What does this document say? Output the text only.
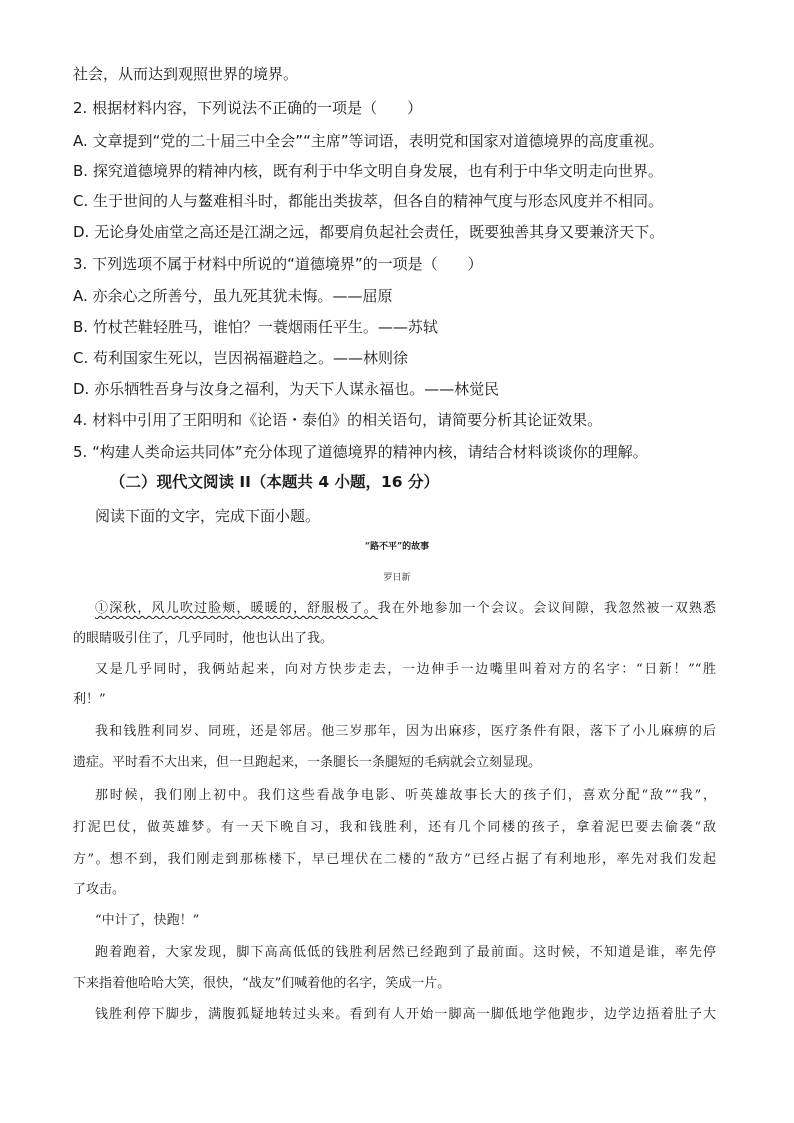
社会，从而达到观照世界的境界。
2. 根据材料内容，下列说法不正确的一项是（　　）
A. 文章提到“党的二十届三中全会”“主席”等词语，表明党和国家对道德境界的高度重视。
B. 探究道德境界的精神内核，既有利于中华文明自身发展，也有利于中华文明走向世界。
C. 生于世间的人与鳌难相斗时，都能出类拔萃，但各自的精神气度与形态风度并不相同。
D. 无论身处庙堂之高还是江湖之远，都要肩负起社会责任，既要独善其身又要兼济天下。
3. 下列选项不属于材料中所说的“道德境界”的一项是（　　）
A. 亦余心之所善兮，虽九死其犹未悔。——屈原
B. 竹杖芒鞋轻胜马，谁怕？一蓑烟雨任平生。——苏轼
C. 苟利国家生死以，岂因祸福避趋之。——林则徐
D. 亦乐牺牲吾身与汝身之福利，为天下人谋永福也。——林觉民
4. 材料中引用了王阳明和《论语・泰伯》的相关语句，请简要分析其论证效果。
5. “构建人类命运共同体”充分体现了道德境界的精神内核，请结合材料谈谈你的理解。
（二）现代文阅读 II（本题共 4 小题，16 分）
阅读下面的文字，完成下面小题。
“路不平”的故事
罗日新
①深秋，风儿吹过脸颊，暖暖的，舒服极了。我在外地参加一个会议。会议间隙，我忽然被一双熟悉
的眼睛吸引住了，几乎同时，他也认出了我。
又是几乎同时，我俩站起来，向对方快步走去，一边伸手一边嘴里叫着对方的名字：“日新！”“胜
利！”
我和钱胜利同岁、同班，还是邻居。他三岁那年，因为出麻疹，医疗条件有限，落下了小儿麻痹的后
遗症。平时看不大出来，但一旦跑起来，一条腿长一条腿短的毛病就会立刻显现。
那时候，我们刚上初中。我们这些看战争电影、听英雄故事长大的孩子们，喜欢分配“敌”“我”，
打泥巴仗，做英雄梦。有一天下晚自习，我和钱胜利，还有几个同楼的孩子，拿着泥巴要去偷袭“敌
方”。想不到，我们刚走到那栋楼下，早已埋伏在二楼的“敌方”已经占据了有利地形，率先对我们发起
了攻击。
“中计了，快跑！”
跑着跑着，大家发现，脚下高高低低的钱胜利居然已经跑到了最前面。这时候，不知道是谁，率先停
下来指着他哈哈大笑，很快，“战友”们喊着他的名字，笑成一片。
钱胜利停下脚步，满腹狐疑地转过头来。看到有人开始一脚高一脚低地学他跑步，边学边捂着肚子大
